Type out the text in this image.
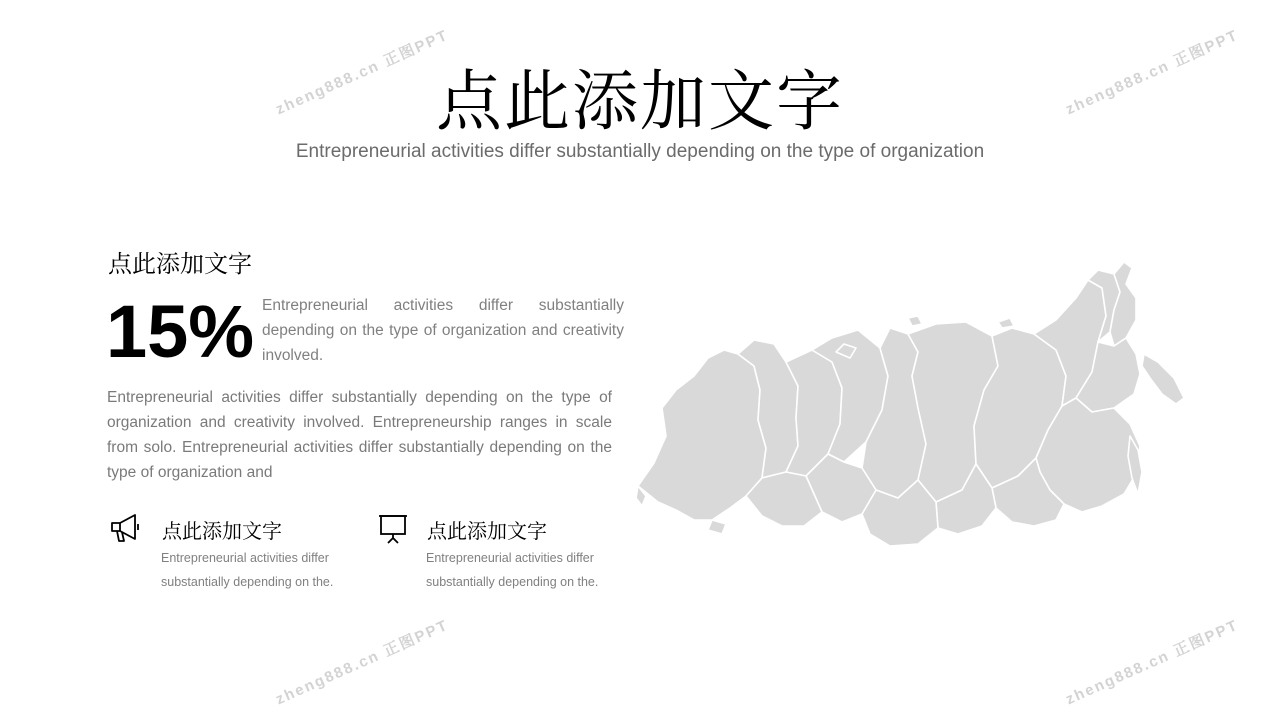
zheng888.cn 正图PPT	zheng888.cn 正图PPT
zheng888.cn 正图PPT	zheng888.cn 正图PPT
点此添加文字
Entrepreneurial activities differ substantially depending on the type of organization
点此添加文字
15% Entrepreneurial activities differ substantially depending on the type of organization and creativity involved.
Entrepreneurial activities differ substantially depending on the type of organization and creativity involved. Entrepreneurship ranges in scale from solo. Entrepreneurial activities differ substantially depending on the type of organization and
点此添加文字
Entrepreneurial activities differ substantially depending on the.
点此添加文字
Entrepreneurial activities differ substantially depending on the.
